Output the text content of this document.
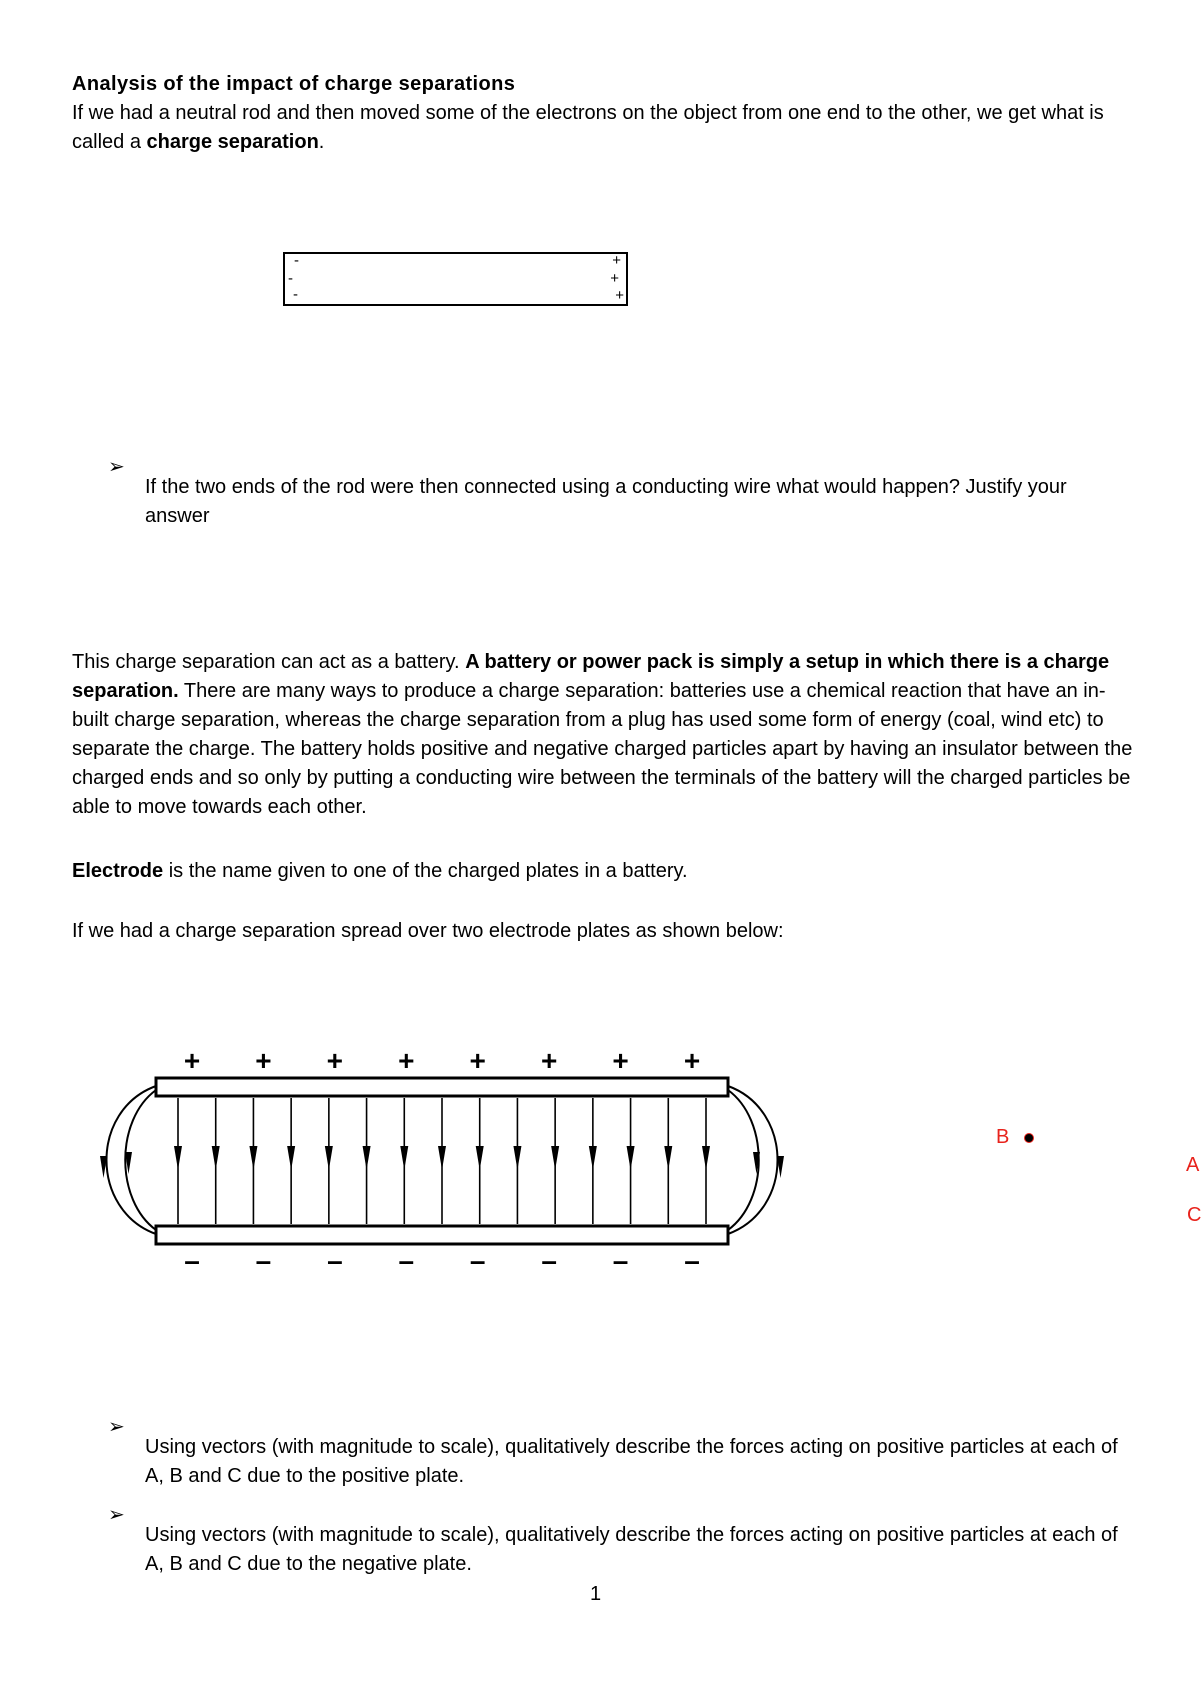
Analysis of the impact of charge separations

If we had a neutral rod and then moved some of the electrons on the object from one end to the other, we get what is called a charge separation.

-
-
-
+
+
+
➢

If the two ends of the rod were then connected using a conducting wire what would happen? Justify your answer

This charge separation can act as a battery. A battery or power pack is simply a setup in which there is a charge separation. There are many ways to produce a charge separation: batteries use a chemical reaction that have an in-built charge separation, whereas the charge separation from a plug has used some form of energy (coal, wind etc) to separate the charge. The battery holds positive and negative charged particles apart by having an insulator between the charged ends and so only by putting a conducting wire between the terminals of the battery will the charged particles be able to move towards each other.

Electrode is the name given to one of the charged plates in a battery.

If we had a charge separation spread over two electrode plates as shown below:

+ + + + + + + +
– – – – – – – –
B
A
C
➢

Using vectors (with magnitude to scale), qualitatively describe the forces acting on positive particles at each of A, B and C due to the positive plate.

➢

Using vectors (with magnitude to scale), qualitatively describe the forces acting on positive particles at each of A, B and C due to the negative plate.

1
